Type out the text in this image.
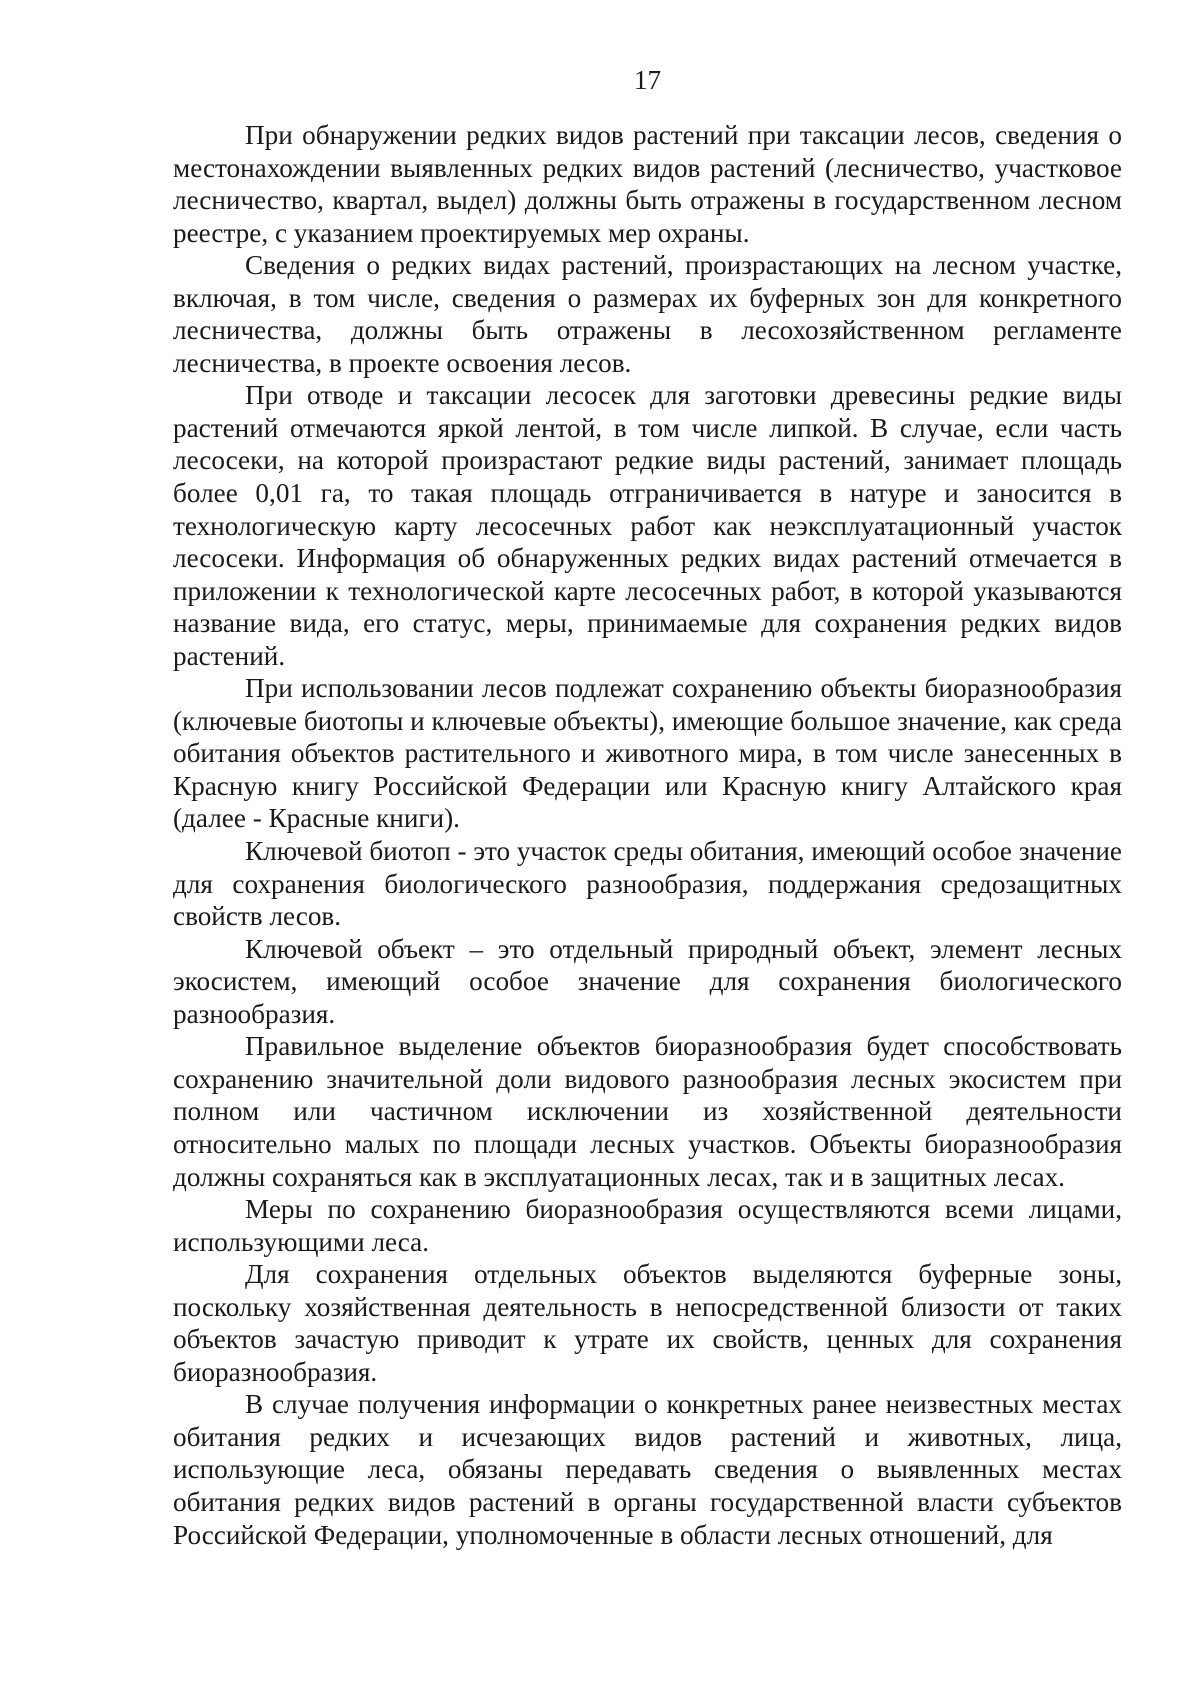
17

При обнаружении редких видов растений при таксации лесов, сведения о местонахождении выявленных редких видов растений (лесничество, участковое лесничество, квартал, выдел) должны быть отражены в государственном лесном реестре, с указанием проектируемых мер охраны.

Сведения о редких видах растений, произрастающих на лесном участке, включая, в том числе, сведения о размерах их буферных зон для конкретного лесничества, должны быть отражены в лесохозяйственном регламенте лесничества, в проекте освоения лесов.

При отводе и таксации лесосек для заготовки древесины редкие виды растений отмечаются яркой лентой, в том числе липкой. В случае, если часть лесосеки, на которой произрастают редкие виды растений, занимает площадь более 0,01 га, то такая площадь отграничивается в натуре и заносится в технологическую карту лесосечных работ как неэксплуатационный участок лесосеки. Информация об обнаруженных редких видах растений отмечается в приложении к технологической карте лесосечных работ, в которой указываются название вида, его статус, меры, принимаемые для сохранения редких видов растений.

При использовании лесов подлежат сохранению объекты биоразнообразия (ключевые биотопы и ключевые объекты), имеющие большое значение, как среда обитания объектов растительного и животного мира, в том числе занесенных в Красную книгу Российской Федерации или Красную книгу Алтайского края (далее - Красные книги).

Ключевой биотоп - это участок среды обитания, имеющий особое значение для сохранения биологического разнообразия, поддержания средозащитных свойств лесов.

Ключевой объект – это отдельный природный объект, элемент лесных экосистем, имеющий особое значение для сохранения биологического разнообразия.

Правильное выделение объектов биоразнообразия будет способствовать сохранению значительной доли видового разнообразия лесных экосистем при полном или частичном исключении из хозяйственной деятельности относительно малых по площади лесных участков. Объекты биоразнообразия должны сохраняться как в эксплуатационных лесах, так и в защитных лесах.

Меры по сохранению биоразнообразия осуществляются всеми лицами, использующими леса.

Для сохранения отдельных объектов выделяются буферные зоны, поскольку хозяйственная деятельность в непосредственной близости от таких объектов зачастую приводит к утрате их свойств, ценных для сохранения биоразнообразия.

В случае получения информации о конкретных ранее неизвестных местах обитания редких и исчезающих видов растений и животных, лица, использующие леса, обязаны передавать сведения о выявленных местах обитания редких видов растений в органы государственной власти субъектов Российской Федерации, уполномоченные в области лесных отношений, для
